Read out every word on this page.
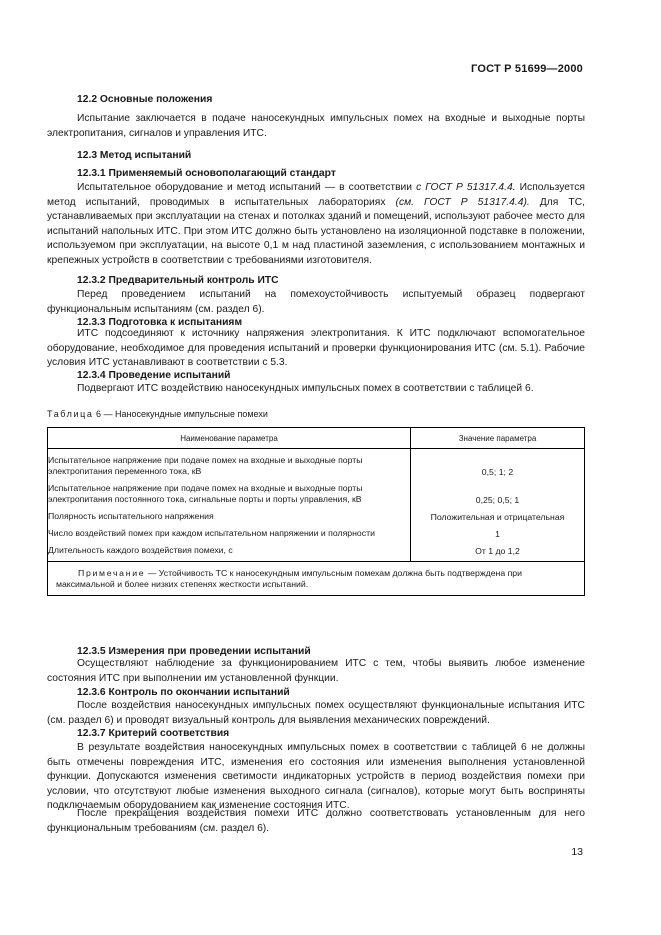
ГОСТ Р 51699—2000
12.2 Основные положения
Испытание заключается в подаче наносекундных импульсных помех на входные и выходные порты электропитания, сигналов и управления ИТС.
12.3 Метод испытаний
12.3.1 Применяемый основополагающий стандарт
Испытательное оборудование и метод испытаний — в соответствии с ГОСТ Р 51317.4.4. Используется метод испытаний, проводимых в испытательных лабораториях (см. ГОСТ Р 51317.4.4). Для ТС, устанавливаемых при эксплуатации на стенах и потолках зданий и помещений, используют рабочее место для испытаний напольных ИТС. При этом ИТС должно быть установлено на изоляционной подставке в положении, используемом при эксплуатации, на высоте 0,1 м над пластиной заземления, с использованием монтажных и крепежных устройств в соответствии с требованиями изготовителя.
12.3.2 Предварительный контроль ИТС
Перед проведением испытаний на помехоустойчивость испытуемый образец подвергают функциональным испытаниям (см. раздел 6).
12.3.3 Подготовка к испытаниям
ИТС подсоединяют к источнику напряжения электропитания. К ИТС подключают вспомогательное оборудование, необходимое для проведения испытаний и проверки функционирования ИТС (см. 5.1). Рабочие условия ИТС устанавливают в соответствии с 5.3.
12.3.4 Проведение испытаний
Подвергают ИТС воздействию наносекундных импульсных помех в соответствии с таблицей 6.
Таблица 6 — Наносекундные импульсные помехи
Наименование параметра	Значение параметра
Испытательное напряжение при подаче помех на входные и выходные порты электропитания переменного тока, кВ	0,5; 1; 2
Испытательное напряжение при подаче помех на входные и выходные порты электропитания постоянного тока, сигнальные порты и порты управления, кВ	0,25; 0,5; 1
Полярность испытательного напряжения	Положительная и отрицательная
Число воздействий помех при каждом испытательном напряжении и полярности	1
Длительность каждого воздействия помехи, с	От 1 до 1,2
Примечание — Устойчивость ТС к наносекундным импульсным помехам должна быть подтверждена при максимальной и более низких степенях жесткости испытаний.	
12.3.5 Измерения при проведении испытаний
Осуществляют наблюдение за функционированием ИТС с тем, чтобы выявить любое изменение состояния ИТС при выполнении им установленной функции.
12.3.6 Контроль по окончании испытаний
После воздействия наносекундных импульсных помех осуществляют функциональные испытания ИТС (см. раздел 6) и проводят визуальный контроль для выявления механических повреждений.
12.3.7 Критерий соответствия
В результате воздействия наносекундных импульсных помех в соответствии с таблицей 6 не должны быть отмечены повреждения ИТС, изменения его состояния или изменения выполнения установленной функции. Допускаются изменения светимости индикаторных устройств в период воздействия помехи при условии, что отсутствуют любые изменения выходного сигнала (сигналов), которые могут быть восприняты подключаемым оборудованием как изменение состояния ИТС.
После прекращения воздействия помехи ИТС должно соответствовать установленным для него функциональным требованиям (см. раздел 6).
13
